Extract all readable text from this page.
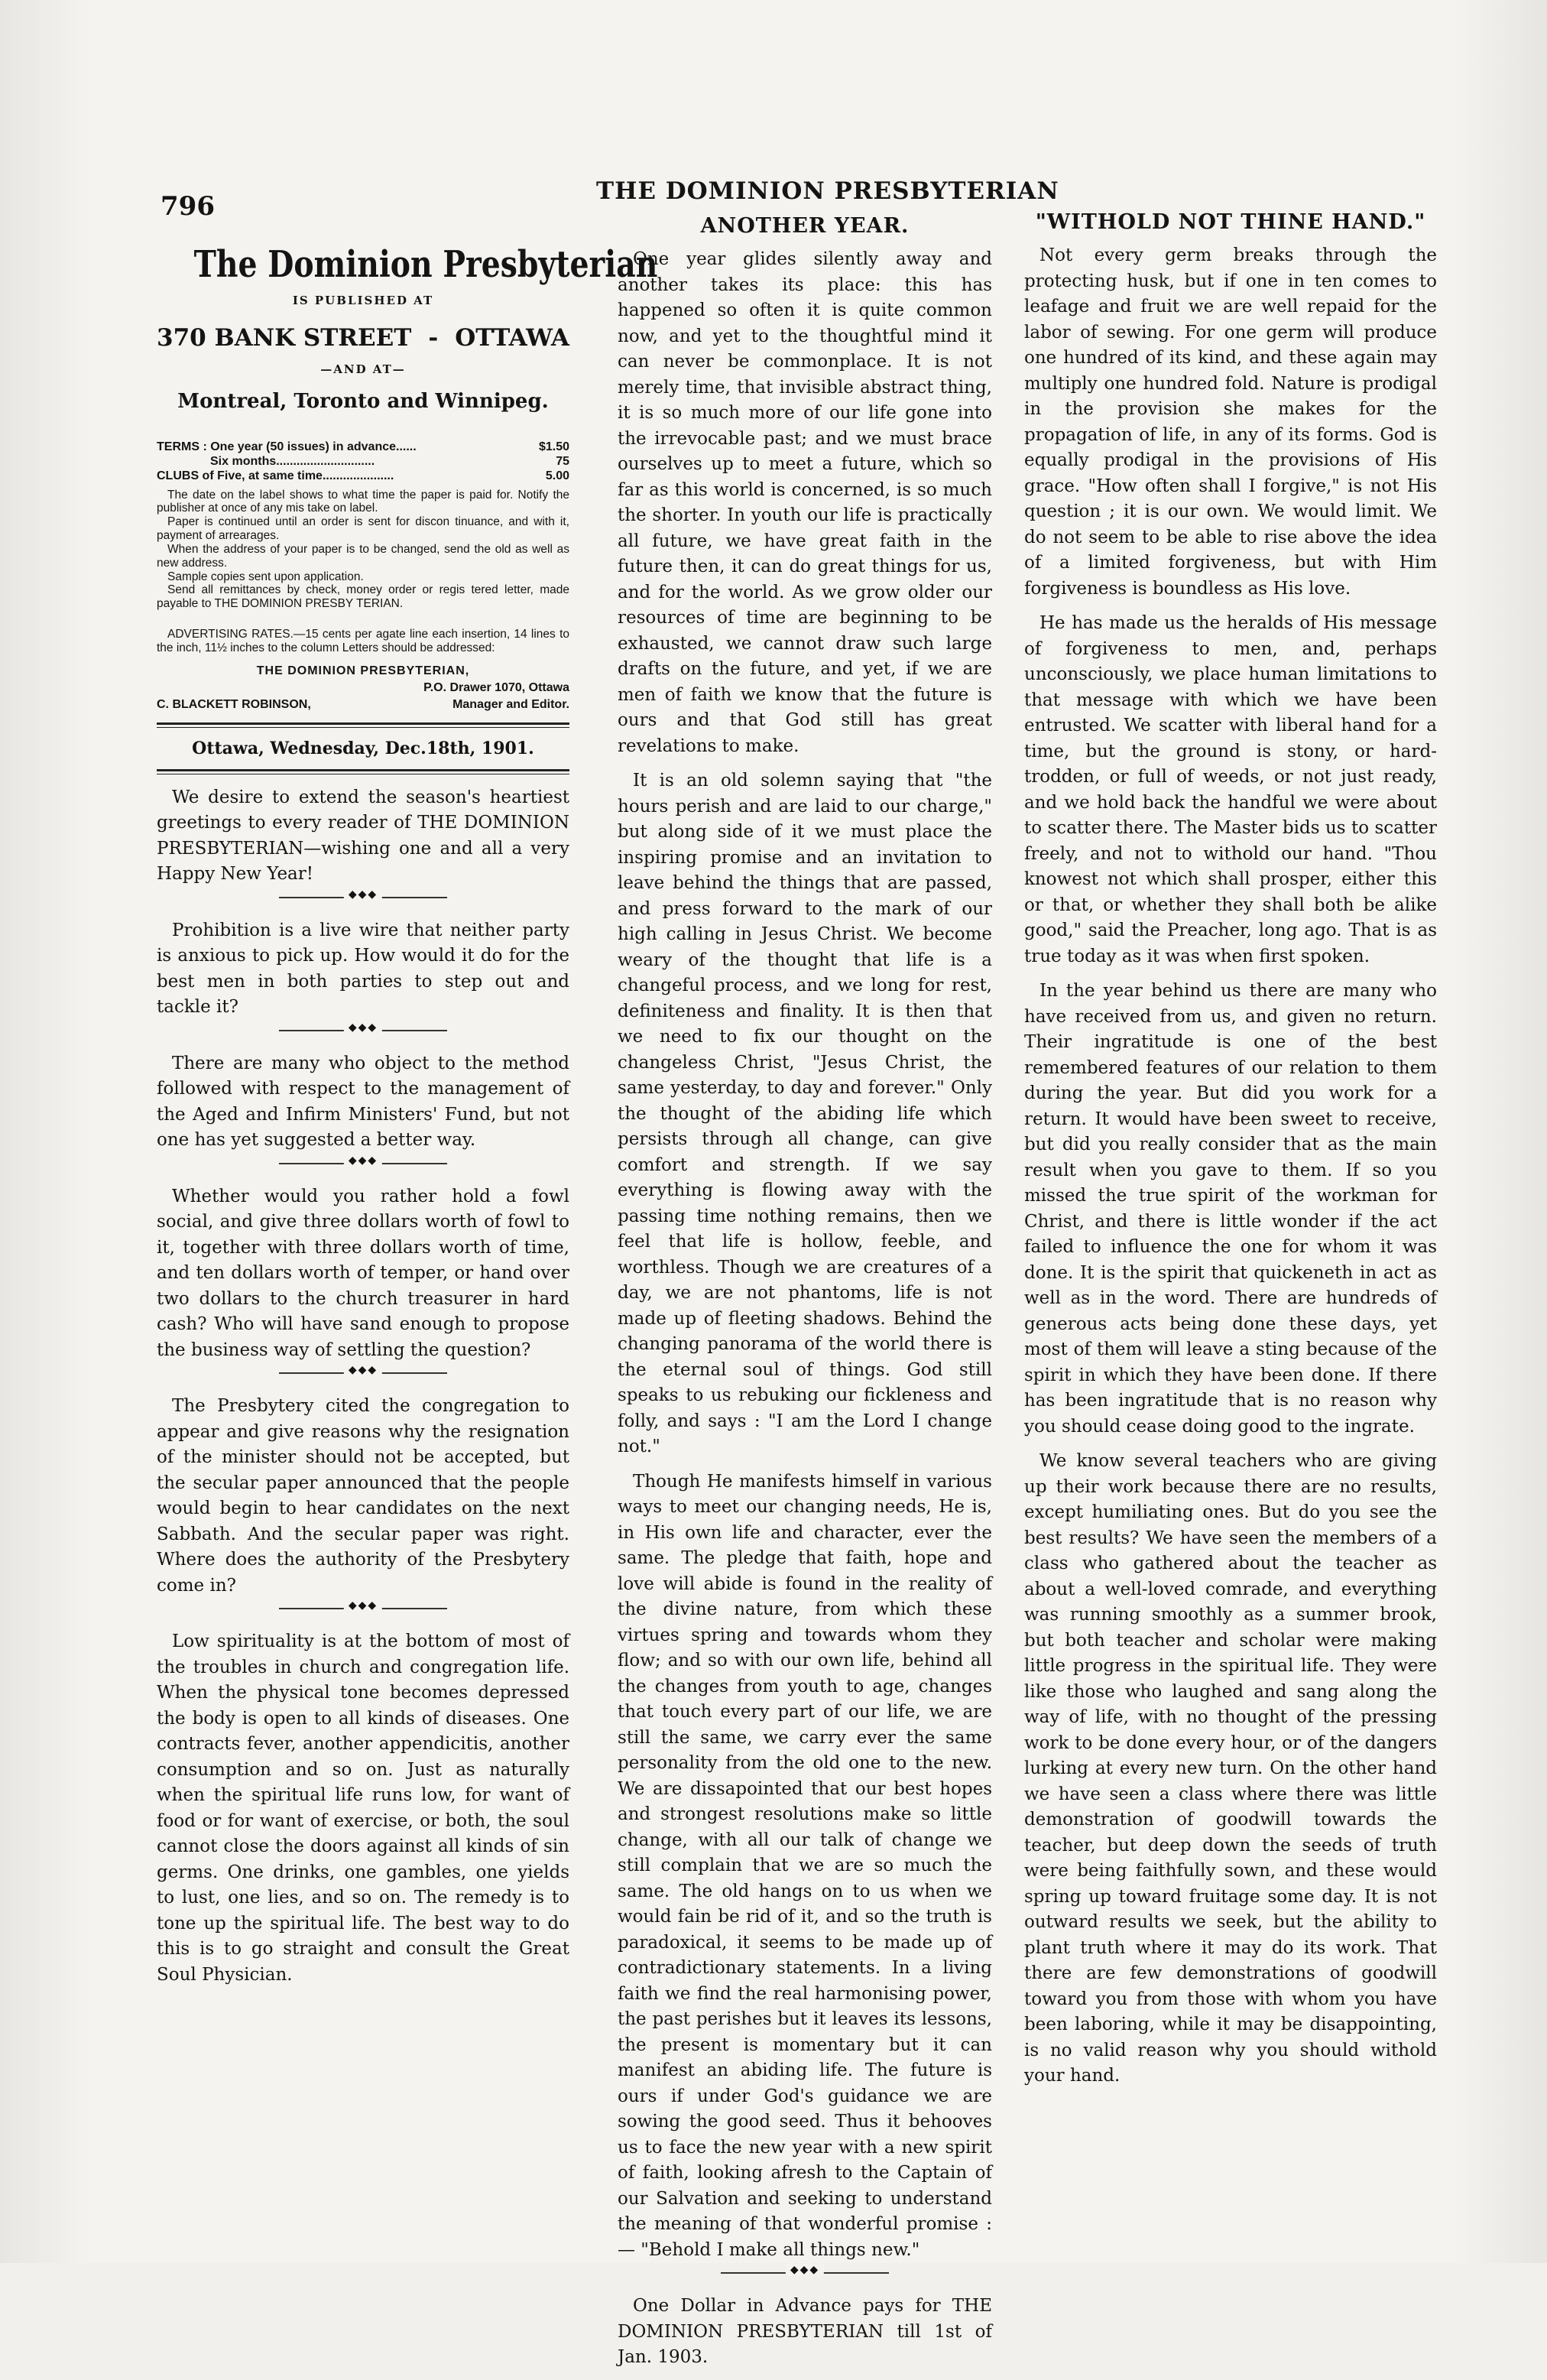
796	THE DOMINION PRESBYTERIAN
The Dominion Presbyterian
IS PUBLISHED AT
370 BANK STREET - OTTAWA
—AND AT—
Montreal, Toronto and Winnipeg.
TERMS : One year (50 issues) in advance......	$1.50
Six months.............................	75
CLUBS of Five, at same time.....................	5.00

The date on the label shows to what time the paper is paid for. Notify the publisher at once of any mis take on label.

Paper is continued until an order is sent for discon tinuance, and with it, payment of arrearages.

When the address of your paper is to be changed, send the old as well as new address.

Sample copies sent upon application.

Send all remittances by check, money order or regis tered letter, made payable to THE DOMINION PRESBY TERIAN.

ADVERTISING RATES.—15 cents per agate line each insertion, 14 lines to the inch, 11½ inches to the column Letters should be addressed:
THE DOMINION PRESBYTERIAN,
P.O. Drawer 1070, Ottawa
C. BLACKETT ROBINSON,	Manager and Editor.
Ottawa, Wednesday, Dec.18th, 1901.

We desire to extend the season's heartiest greetings to every reader of THE DOMINION PRESBYTERIAN—wishing one and all a very Happy New Year!

◆◆◆

Prohibition is a live wire that neither party is anxious to pick up. How would it do for the best men in both parties to step out and tackle it?

◆◆◆

There are many who object to the method followed with respect to the management of the Aged and Infirm Ministers' Fund, but not one has yet suggested a better way.

◆◆◆

Whether would you rather hold a fowl social, and give three dollars worth of fowl to it, together with three dollars worth of time, and ten dollars worth of temper, or hand over two dollars to the church treasurer in hard cash? Who will have sand enough to propose the business way of settling the question?

◆◆◆

The Presbytery cited the congregation to appear and give reasons why the resignation of the minister should not be accepted, but the secular paper announced that the people would begin to hear candidates on the next Sabbath. And the secular paper was right. Where does the authority of the Presbytery come in?

◆◆◆

Low spirituality is at the bottom of most of the troubles in church and congregation life. When the physical tone becomes depressed the body is open to all kinds of diseases. One contracts fever, another appendicitis, another consumption and so on. Just as naturally when the spiritual life runs low, for want of food or for want of exercise, or both, the soul cannot close the doors against all kinds of sin germs. One drinks, one gambles, one yields to lust, one lies, and so on. The remedy is to tone up the spiritual life. The best way to do this is to go straight and consult the Great Soul Physician.

ANOTHER YEAR.

One year glides silently away and another takes its place: this has happened so often it is quite common now, and yet to the thoughtful mind it can never be commonplace. It is not merely time, that invisible abstract thing, it is so much more of our life gone into the irrevocable past; and we must brace ourselves up to meet a future, which so far as this world is concerned, is so much the shorter. In youth our life is practically all future, we have great faith in the future then, it can do great things for us, and for the world. As we grow older our resources of time are beginning to be exhausted, we cannot draw such large drafts on the future, and yet, if we are men of faith we know that the future is ours and that God still has great revelations to make.

It is an old solemn saying that "the hours perish and are laid to our charge," but along side of it we must place the inspiring promise and an invitation to leave behind the things that are passed, and press forward to the mark of our high calling in Jesus Christ. We become weary of the thought that life is a changeful process, and we long for rest, definiteness and finality. It is then that we need to fix our thought on the changeless Christ, "Jesus Christ, the same yesterday, to day and forever." Only the thought of the abiding life which persists through all change, can give comfort and strength. If we say everything is flowing away with the passing time nothing remains, then we feel that life is hollow, feeble, and worthless. Though we are creatures of a day, we are not phantoms, life is not made up of fleeting shadows. Behind the changing panorama of the world there is the eternal soul of things. God still speaks to us rebuking our fickleness and folly, and says : "I am the Lord I change not."

Though He manifests himself in various ways to meet our changing needs, He is, in His own life and character, ever the same. The pledge that faith, hope and love will abide is found in the reality of the divine nature, from which these virtues spring and towards whom they flow; and so with our own life, behind all the changes from youth to age, changes that touch every part of our life, we are still the same, we carry ever the same personality from the old one to the new. We are dissapointed that our best hopes and strongest resolutions make so little change, with all our talk of change we still complain that we are so much the same. The old hangs on to us when we would fain be rid of it, and so the truth is paradoxical, it seems to be made up of contradictionary statements. In a living faith we find the real harmonising power, the past perishes but it leaves its lessons, the present is momentary but it can manifest an abiding life. The future is ours if under God's guidance we are sowing the good seed. Thus it behooves us to face the new year with a new spirit of faith, looking afresh to the Captain of our Salvation and seeking to understand the meaning of that wonderful promise :— "Behold I make all things new."

◆◆◆

One Dollar in Advance pays for THE DOMINION PRESBYTERIAN till 1st of Jan. 1903.

"WITHOLD NOT THINE HAND."

Not every germ breaks through the protecting husk, but if one in ten comes to leafage and fruit we are well repaid for the labor of sewing. For one germ will produce one hundred of its kind, and these again may multiply one hundred fold. Nature is prodigal in the provision she makes for the propagation of life, in any of its forms. God is equally prodigal in the provisions of His grace. "How often shall I forgive," is not His question ; it is our own. We would limit. We do not seem to be able to rise above the idea of a limited forgiveness, but with Him forgiveness is boundless as His love.

He has made us the heralds of His message of forgiveness to men, and, perhaps unconsciously, we place human limitations to that message with which we have been entrusted. We scatter with liberal hand for a time, but the ground is stony, or hard-trodden, or full of weeds, or not just ready, and we hold back the handful we were about to scatter there. The Master bids us to scatter freely, and not to withold our hand. "Thou knowest not which shall prosper, either this or that, or whether they shall both be alike good," said the Preacher, long ago. That is as true today as it was when first spoken.

In the year behind us there are many who have received from us, and given no return. Their ingratitude is one of the best remembered features of our relation to them during the year. But did you work for a return. It would have been sweet to receive, but did you really consider that as the main result when you gave to them. If so you missed the true spirit of the workman for Christ, and there is little wonder if the act failed to influence the one for whom it was done. It is the spirit that quickeneth in act as well as in the word. There are hundreds of generous acts being done these days, yet most of them will leave a sting because of the spirit in which they have been done. If there has been ingratitude that is no reason why you should cease doing good to the ingrate.

We know several teachers who are giving up their work because there are no results, except humiliating ones. But do you see the best results? We have seen the members of a class who gathered about the teacher as about a well-loved comrade, and everything was running smoothly as a summer brook, but both teacher and scholar were making little progress in the spiritual life. They were like those who laughed and sang along the way of life, with no thought of the pressing work to be done every hour, or of the dangers lurking at every new turn. On the other hand we have seen a class where there was little demonstration of goodwill towards the teacher, but deep down the seeds of truth were being faithfully sown, and these would spring up toward fruitage some day. It is not outward results we seek, but the ability to plant truth where it may do its work. That there are few demonstrations of goodwill toward you from those with whom you have been laboring, while it may be disappointing, is no valid reason why you should withold your hand.
